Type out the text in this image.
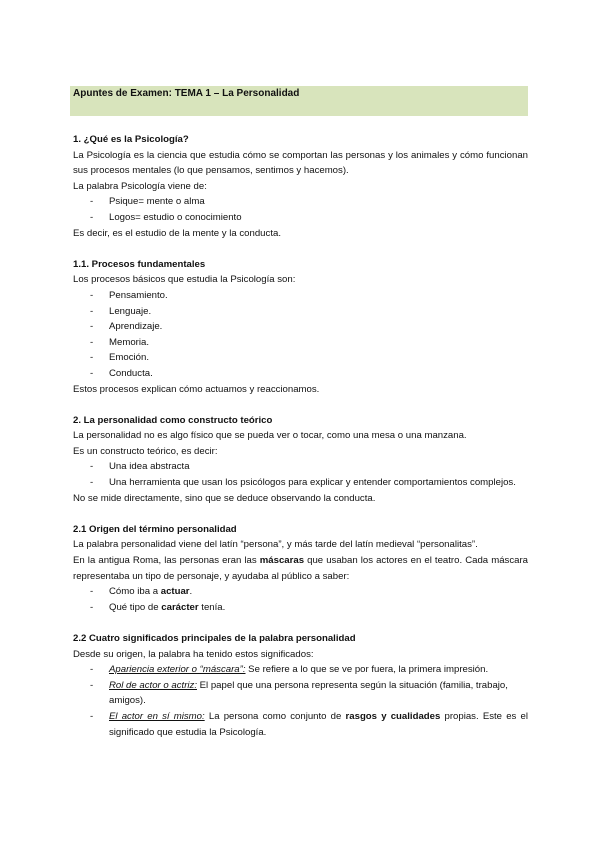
Apuntes de Examen: TEMA 1 – La Personalidad

1. ¿Qué es la Psicología?

La Psicología es la ciencia que estudia cómo se comportan las personas y los animales y cómo funcionan sus procesos mentales (lo que pensamos, sentimos y hacemos).

La palabra Psicología viene de:

- Psique= mente o alma
- Logos= estudio o conocimiento

Es decir, es el estudio de la mente y la conducta.

1.1. Procesos fundamentales

Los procesos básicos que estudia la Psicología son:

- Pensamiento.
- Lenguaje.
- Aprendizaje.
- Memoria.
- Emoción.
- Conducta.

Estos procesos explican cómo actuamos y reaccionamos.

2. La personalidad como constructo teórico

La personalidad no es algo físico que se pueda ver o tocar, como una mesa o una manzana.

Es un constructo teórico, es decir:

- Una idea abstracta
- Una herramienta que usan los psicólogos para explicar y entender comportamientos complejos.

No se mide directamente, sino que se deduce observando la conducta.

2.1 Origen del término personalidad

La palabra personalidad viene del latín “persona”, y más tarde del latín medieval “personalitas”.

En la antigua Roma, las personas eran las máscaras que usaban los actores en el teatro. Cada máscara representaba un tipo de personaje, y ayudaba al público a saber:

- Cómo iba a actuar.
- Qué tipo de carácter tenía.

2.2 Cuatro significados principales de la palabra personalidad

Desde su origen, la palabra ha tenido estos significados:

- Apariencia exterior o “máscara”: Se refiere a lo que se ve por fuera, la primera impresión.
- Rol de actor o actriz: El papel que una persona representa según la situación (familia, trabajo, amigos).
- El actor en sí mismo: La persona como conjunto de rasgos y cualidades propias. Este es el significado que estudia la Psicología.
